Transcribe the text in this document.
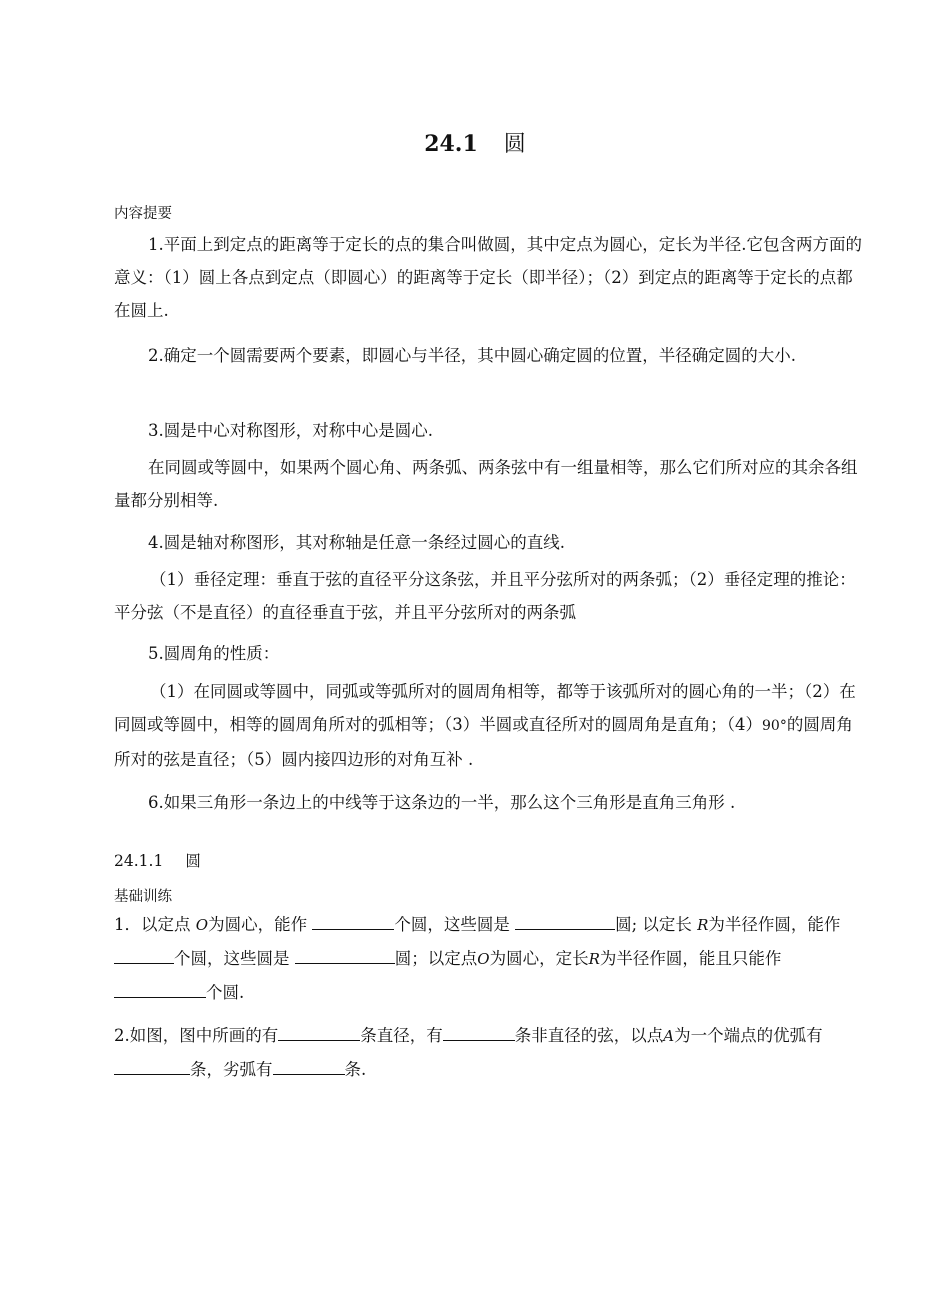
24.1 圆
内容提要
1.平面上到定点的距离等于定长的点的集合叫做圆，其中定点为圆心，定长为半径.它包含两方面的意义：（1）圆上各点到定点（即圆心）的距离等于定长（即半径）；（2）到定点的距离等于定长的点都在圆上.
2.确定一个圆需要两个要素，即圆心与半径，其中圆心确定圆的位置，半径确定圆的大小.
3.圆是中心对称图形，对称中心是圆心.
在同圆或等圆中，如果两个圆心角、两条弧、两条弦中有一组量相等，那么它们所对应的其余各组量都分别相等.
4.圆是轴对称图形，其对称轴是任意一条经过圆心的直线.
（1）垂径定理：垂直于弦的直径平分这条弦，并且平分弦所对的两条弧；（2）垂径定理的推论：平分弦（不是直径）的直径垂直于弦，并且平分弦所对的两条弧
5.圆周角的性质：
（1）在同圆或等圆中，同弧或等弧所对的圆周角相等，都等于该弧所对的圆心角的一半；（2）在同圆或等圆中，相等的圆周角所对的弧相等；（3）半圆或直径所对的圆周角是直角；（4）90°的圆周角所对的弦是直径；（5）圆内接四边形的对角互补 .
6.如果三角形一条边上的中线等于这条边的一半，那么这个三角形是直角三角形 .
24.1.1 圆
基础训练
1．以定点 O为圆心，能作	个圆，这些圆是	圆; 以定长 R为半径作圆，能作个圆，这些圆是	圆；以定点O为圆心，定长R为半径作圆，能且只能作个圆.
2.如图，图中所画的有	条直径，有	条非直径的弦，以点A为一个端点的优弧有条，劣弧有	条.
